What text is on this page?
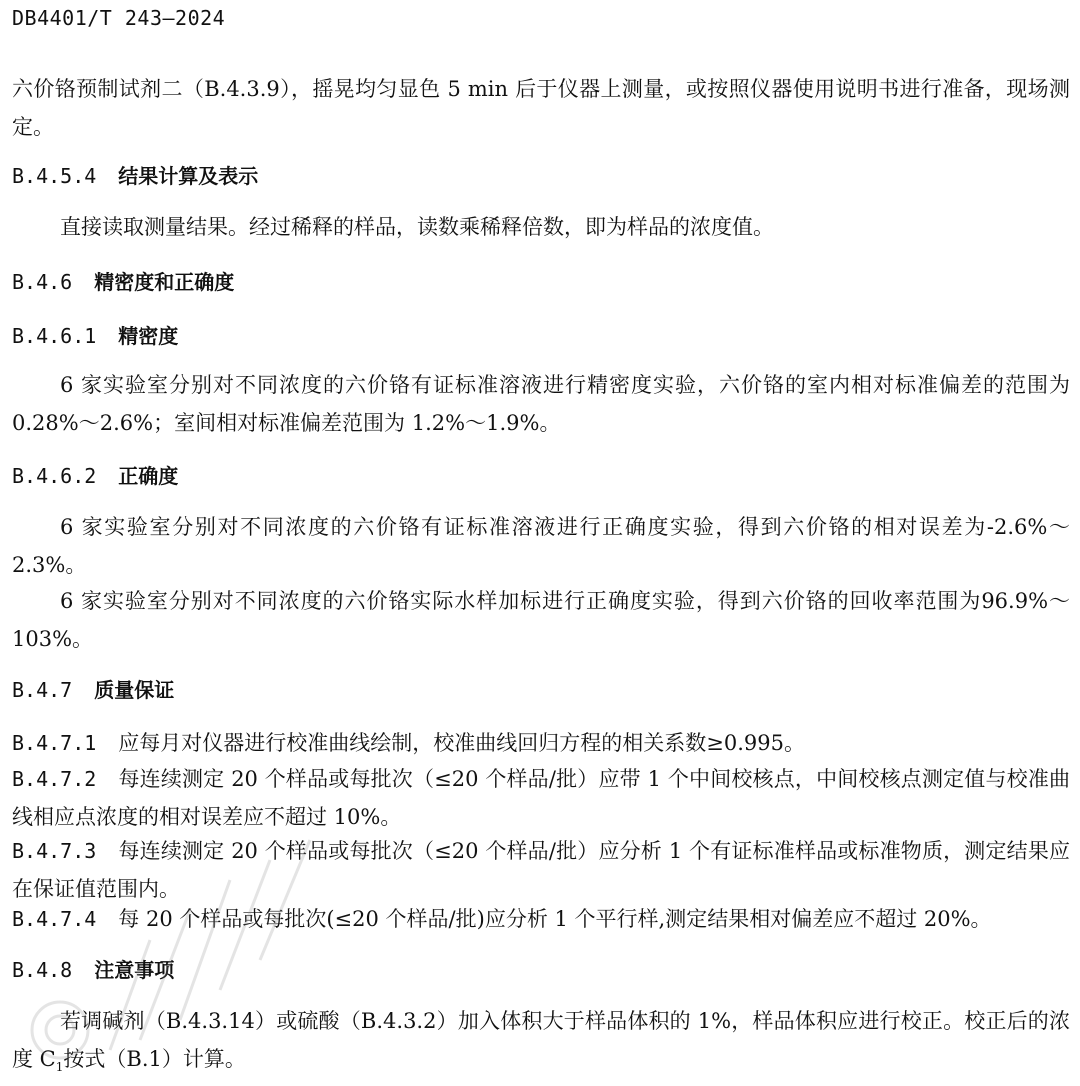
DB4401/T 243—2024
六价铬预制试剂二（B.4.3.9），摇晃均匀显色 5 min 后于仪器上测量，或按照仪器使用说明书进行准备，现场测定。
B.4.5.4 结果计算及表示
直接读取测量结果。经过稀释的样品，读数乘稀释倍数，即为样品的浓度值。
B.4.6 精密度和正确度
B.4.6.1 精密度
6 家实验室分别对不同浓度的六价铬有证标准溶液进行精密度实验，六价铬的室内相对标准偏差的范围为 0.28%～2.6%；室间相对标准偏差范围为 1.2%～1.9%。
B.4.6.2 正确度
6 家实验室分别对不同浓度的六价铬有证标准溶液进行正确度实验，得到六价铬的相对误差为-2.6%～2.3%。
6 家实验室分别对不同浓度的六价铬实际水样加标进行正确度实验，得到六价铬的回收率范围为96.9%～103%。
B.4.7 质量保证
B.4.7.1 应每月对仪器进行校准曲线绘制，校准曲线回归方程的相关系数≥0.995。
B.4.7.2 每连续测定 20 个样品或每批次（≤20 个样品/批）应带 1 个中间校核点，中间校核点测定值与校准曲线相应点浓度的相对误差应不超过 10%。
B.4.7.3 每连续测定 20 个样品或每批次（≤20 个样品/批）应分析 1 个有证标准样品或标准物质，测定结果应在保证值范围内。
B.4.7.4 每 20 个样品或每批次(≤20 个样品/批)应分析 1 个平行样,测定结果相对偏差应不超过 20%。
B.4.8 注意事项
若调碱剂（B.4.3.14）或硫酸（B.4.3.2）加入体积大于样品体积的 1%，样品体积应进行校正。校正后的浓度 $C_1$按式（B.1）计算。
